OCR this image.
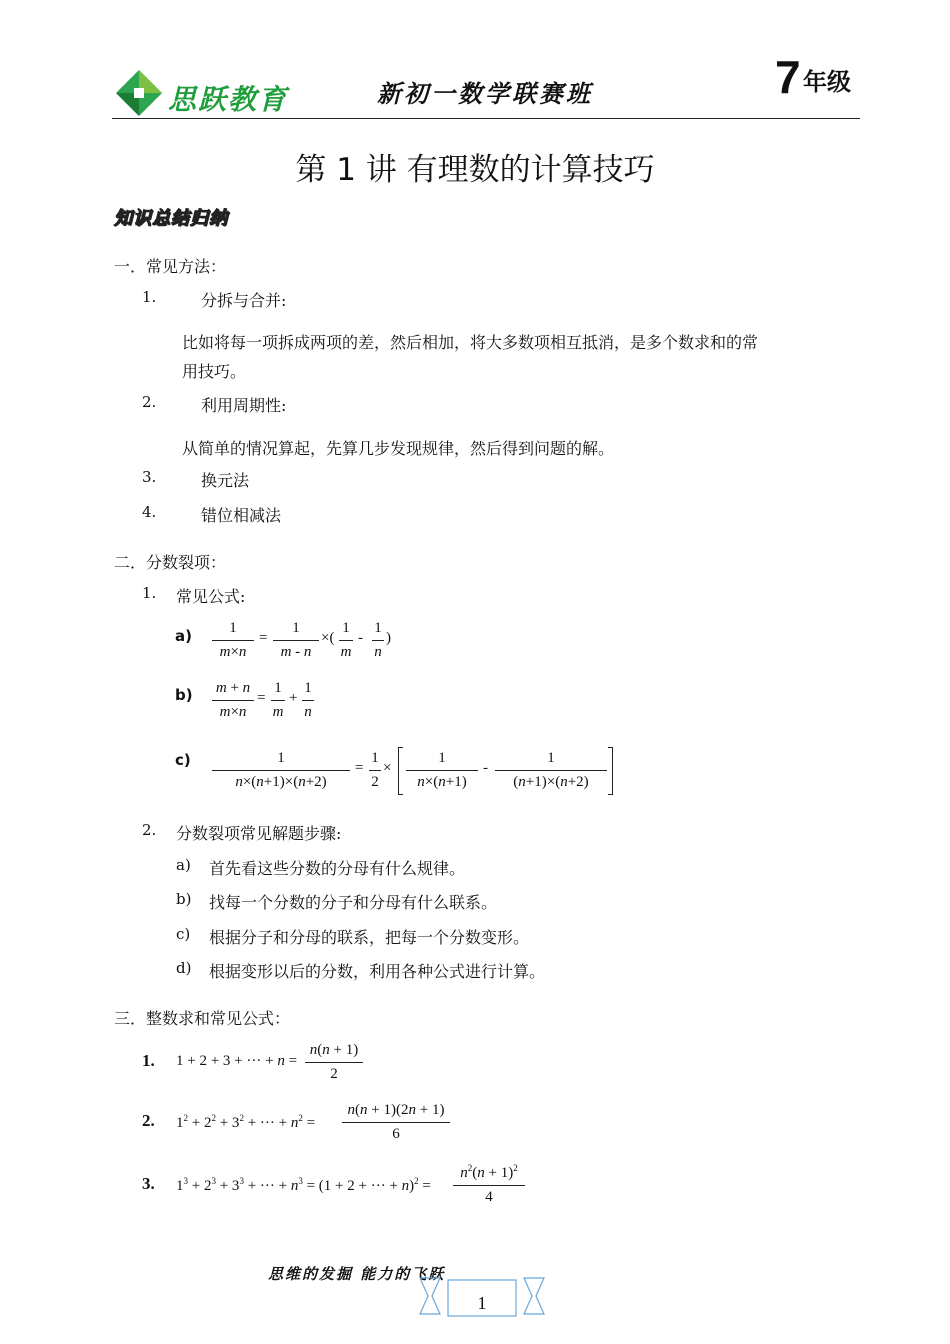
思跃教育	新初一数学联赛班	7 年级
第 1 讲 有理数的计算技巧
知识总结归纳
一．常见方法：
1.	分拆与合并:
比如将每一项拆成两项的差，然后相加，将大多数项相互抵消，是多个数求和的常
用技巧。
2.	利用周期性:
从简单的情况算起，先算几步发现规律，然后得到问题的解。
3.	换元法
4.	错位相减法
二．分数裂项：
1. 常见公式:
$a) \frac{1}{m\times n} = \frac{1}{m - n}$ ×( $\frac{1}{m} - \frac{1}{n}$ )
$b) \frac{m + n}{m\times n} = \frac{1}{m} + \frac{1}{n}$
$c) \frac{1}{n\times(n+1)\times(n+2)} = \frac{1}{2} \times \frac{1}{n\times(n+1)} - \frac{1}{(n+1)\times(n+2)}$
2. 分数裂项常见解题步骤:
a) 首先看这些分数的分母有什么规律。
b) 找每一个分数的分子和分母有什么联系。
c) 根据分子和分母的联系，把每一个分数变形。
d) 根据变形以后的分数，利用各种公式进行计算。
三．整数求和常见公式：
1. 1 + 2 + 3 + ··· + $n = \frac{n(n + 1)}{2}$
2. $1^2 + 2^2 + 3^2$ + ··· + $n^2 = \frac{n(n + 1)(2n + 1)}{6}$
3. $1^3 + 2^3 + 3^3$ + ··· + $n^3 = (1 + 2$ + ··· + $n)^2 = \frac{n^2(n + 1)^2}{4}$
思维的发掘 能力的飞跃
1
